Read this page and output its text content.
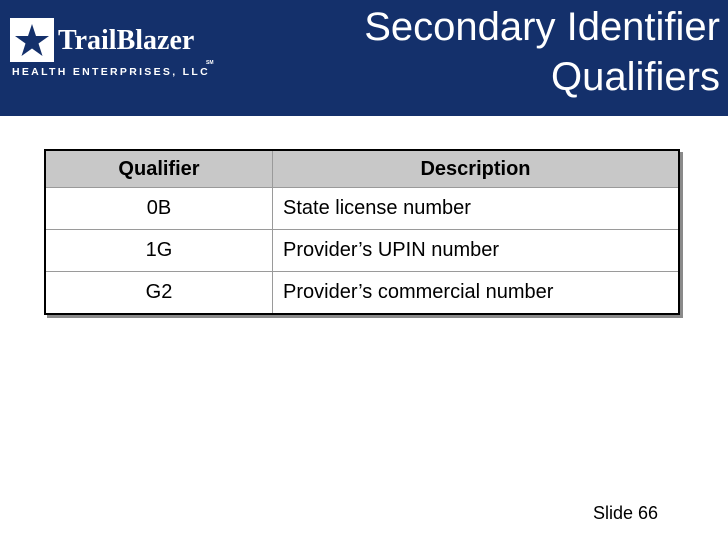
TrailBlazer
SM
HEALTH ENTERPRISES, LLC
Secondary Identifier
Qualifiers
Qualifier	Description
0B	State license number
1G	Provider’s UPIN number
G2	Provider’s commercial number
Slide 66
